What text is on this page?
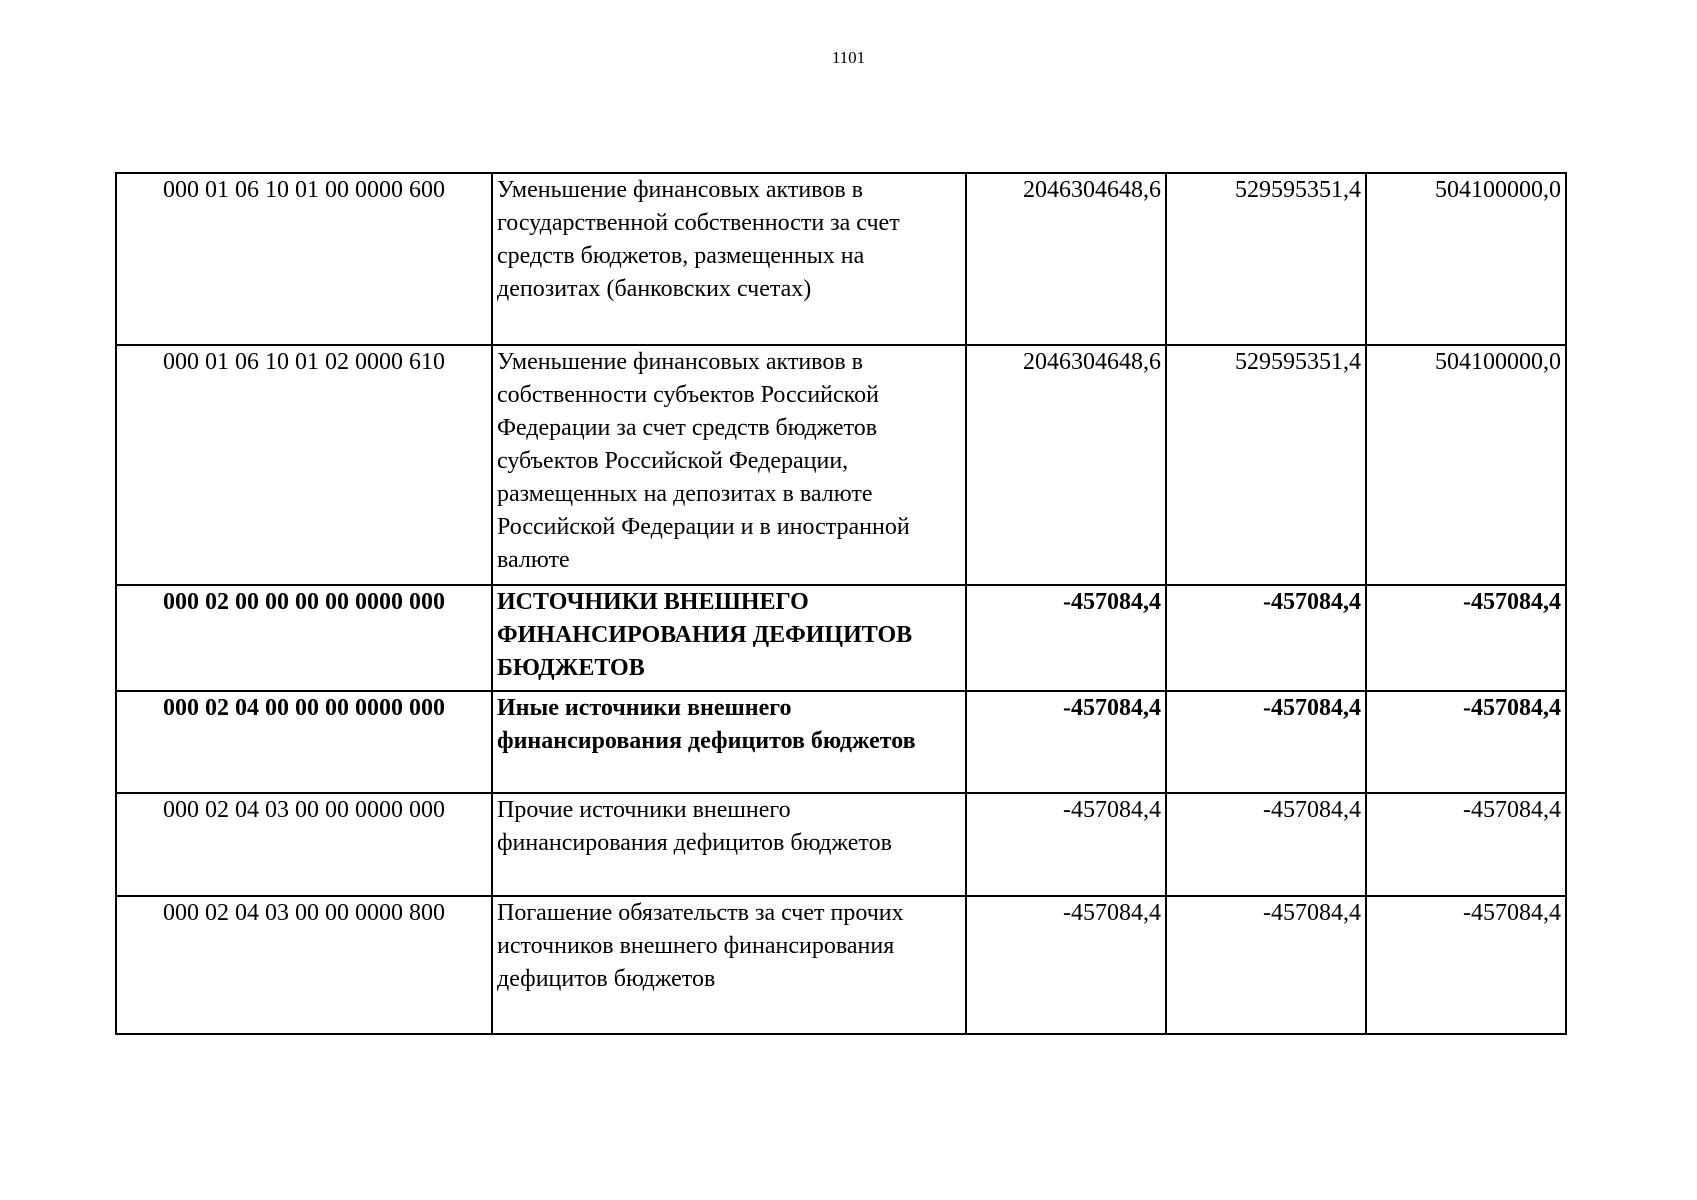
1101
000 01 06 10 01 00 0000 600	Уменьшение финансовых активов в государственной собственности за счет средств бюджетов, размещенных на депозитах (банковских счетах)	2046304648,6	529595351,4	504100000,0
000 01 06 10 01 02 0000 610	Уменьшение финансовых активов в собственности субъектов Российской Федерации за счет средств бюджетов субъектов Российской Федерации, размещенных на депозитах в валюте Российской Федерации и в иностранной валюте	2046304648,6	529595351,4	504100000,0
000 02 00 00 00 00 0000 000	ИСТОЧНИКИ ВНЕШНЕГО ФИНАНСИРОВАНИЯ ДЕФИЦИТОВ БЮДЖЕТОВ	-457084,4	-457084,4	-457084,4
000 02 04 00 00 00 0000 000	Иные источники внешнего финансирования дефицитов бюджетов	-457084,4	-457084,4	-457084,4
000 02 04 03 00 00 0000 000	Прочие источники внешнего финансирования дефицитов бюджетов	-457084,4	-457084,4	-457084,4
000 02 04 03 00 00 0000 800	Погашение обязательств за счет прочих источников внешнего финансирования дефицитов бюджетов	-457084,4	-457084,4	-457084,4
